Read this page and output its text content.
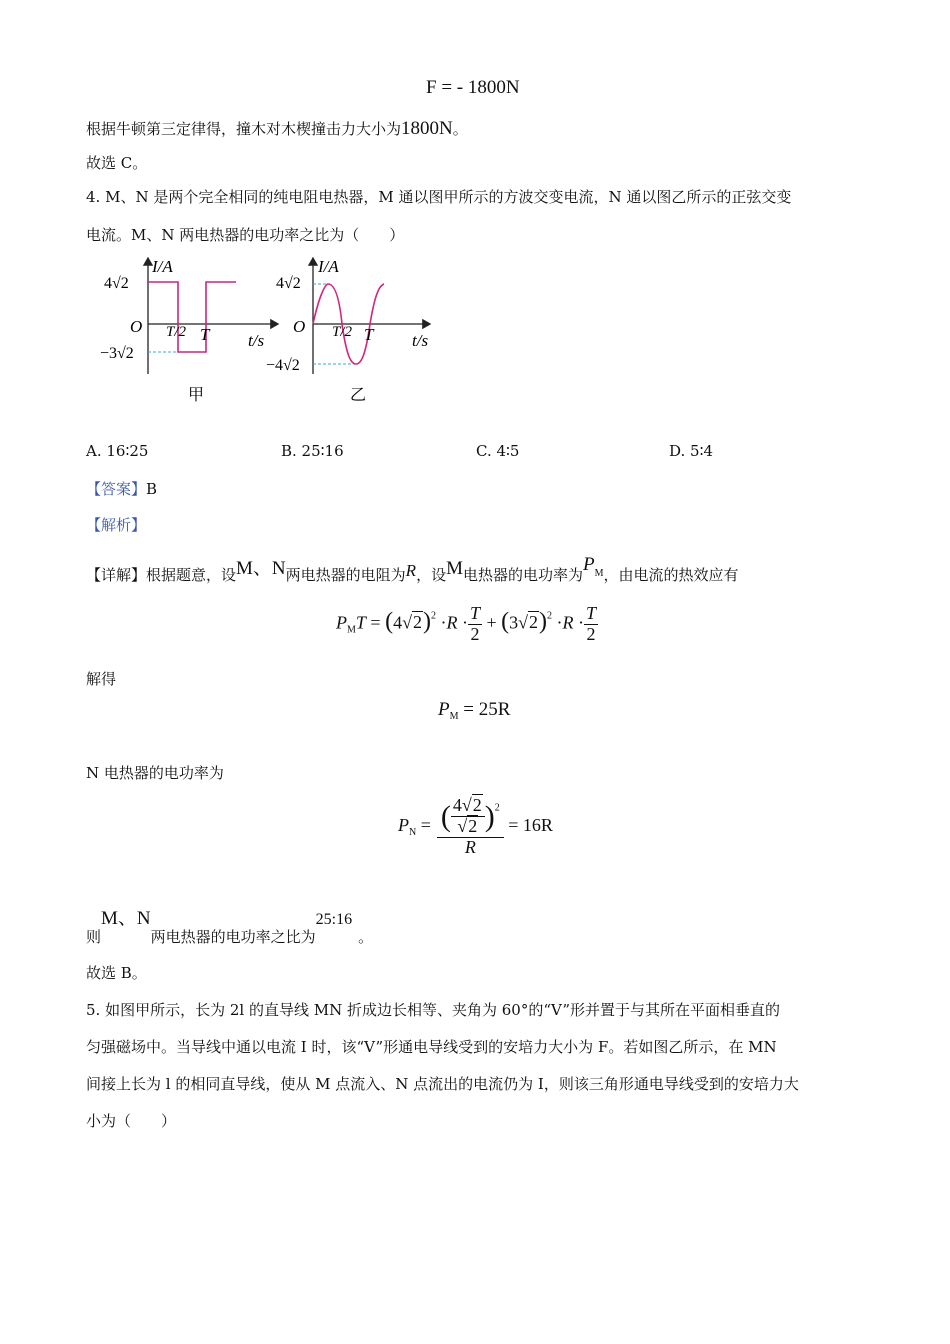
F = - 1800N
根据牛顿第三定律得，撞木对木楔撞击力大小为1800N。
故选 C。
4. M、N 是两个完全相同的纯电阻电热器，M 通以图甲所示的方波交变电流，N 通以图乙所示的正弦交变
电流。M、N 两电热器的电功率之比为（　　）
I/A
t/s
O
4√2
−3√2
T/2 T
甲
I/A
t/s
O
4√2
−4√2
T/2 T
乙
A. 16∶25	B. 25∶16	C. 4∶5	D. 5∶4
【答案】B
【解析】
【详解】根据题意，设M、N两电热器的电阻为R，设M电热器的电功率为$P^M$，由电流的热效应有
$P_MT = (4√2)^2 \cdot R \cdot \frac{T}{2} + (3√2)^2 \cdot R \cdot \frac{T}{2}$
解得
$P_M = 25R$
N 电热器的电功率为
$P_N = \frac{( \frac{4√2}{√2} )^2}{R} = 16R$
则M、N两电热器的电功率之比为25:16。
故选 B。
5. 如图甲所示，长为 2l 的直导线 MN 折成边长相等、夹角为 60°的“V”形并置于与其所在平面相垂直的
匀强磁场中。当导线中通以电流 I 时，该“V”形通电导线受到的安培力大小为 F。若如图乙所示，在 MN
间接上长为 l 的相同直导线，使从 M 点流入、N 点流出的电流仍为 I，则该三角形通电导线受到的安培力大
小为（　　）
